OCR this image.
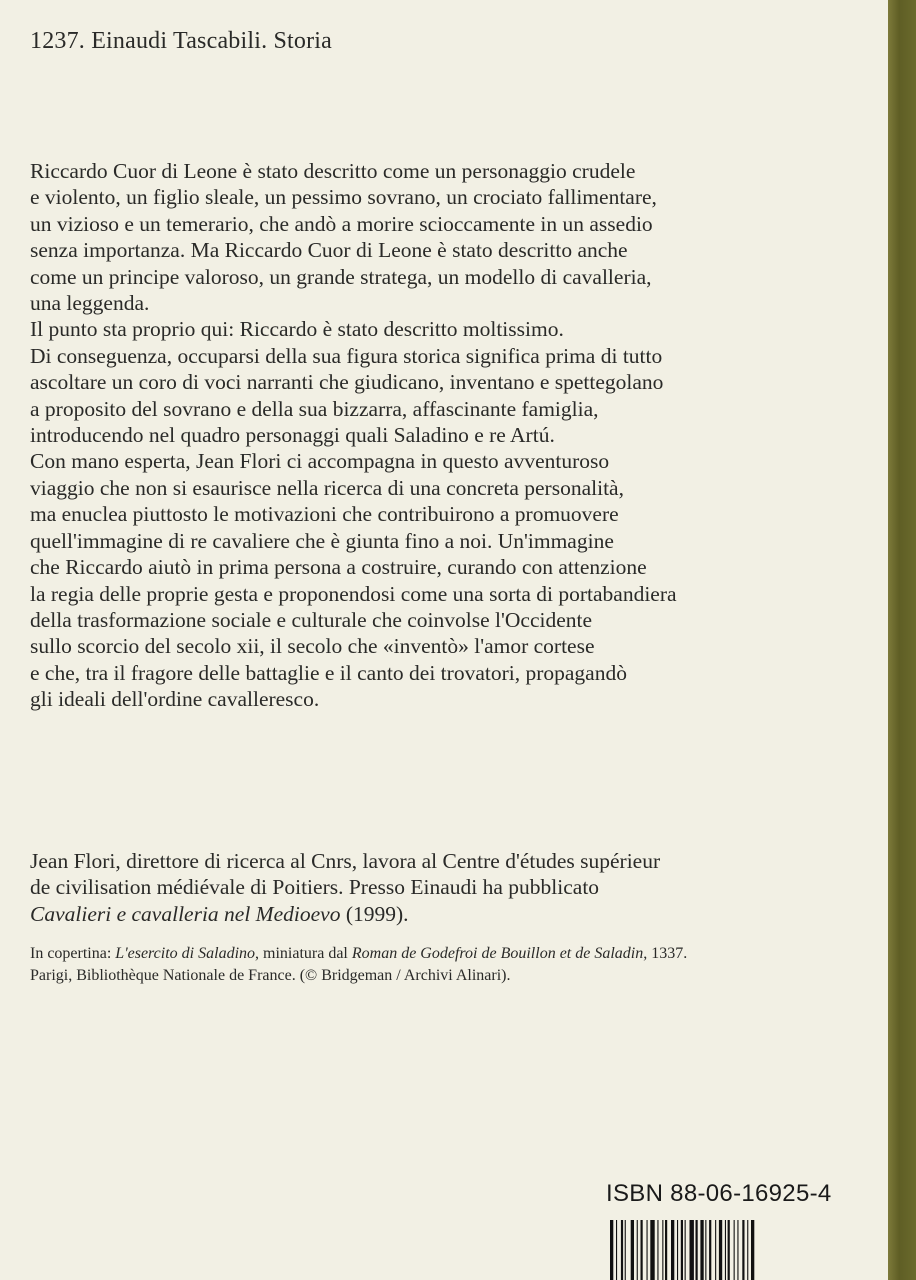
1237. Einaudi Tascabili. Storia
Riccardo Cuor di Leone è stato descritto come un personaggio crudele
e violento, un figlio sleale, un pessimo sovrano, un crociato fallimentare,
un vizioso e un temerario, che andò a morire scioccamente in un assedio
senza importanza. Ma Riccardo Cuor di Leone è stato descritto anche
come un principe valoroso, un grande stratega, un modello di cavalleria,
una leggenda.
Il punto sta proprio qui: Riccardo è stato descritto moltissimo.
Di conseguenza, occuparsi della sua figura storica significa prima di tutto
ascoltare un coro di voci narranti che giudicano, inventano e spettegolano
a proposito del sovrano e della sua bizzarra, affascinante famiglia,
introducendo nel quadro personaggi quali Saladino e re Artú.
Con mano esperta, Jean Flori ci accompagna in questo avventuroso
viaggio che non si esaurisce nella ricerca di una concreta personalità,
ma enuclea piuttosto le motivazioni che contribuirono a promuovere
quell'immagine di re cavaliere che è giunta fino a noi. Un'immagine
che Riccardo aiutò in prima persona a costruire, curando con attenzione
la regia delle proprie gesta e proponendosi come una sorta di portabandiera
della trasformazione sociale e culturale che coinvolse l'Occidente
sullo scorcio del secolo xii, il secolo che «inventò» l'amor cortese
e che, tra il fragore delle battaglie e il canto dei trovatori, propagandò
gli ideali dell'ordine cavalleresco.
Jean Flori, direttore di ricerca al Cnrs, lavora al Centre d'études supérieur
de civilisation médiévale di Poitiers. Presso Einaudi ha pubblicato
Cavalieri e cavalleria nel Medioevo (1999).
In copertina: L'esercito di Saladino, miniatura dal Roman de Godefroi de Bouillon et de Saladin, 1337.
Parigi, Bibliothèque Nationale de France. (© Bridgeman / Archivi Alinari).
ISBN 88-06-16925-4
